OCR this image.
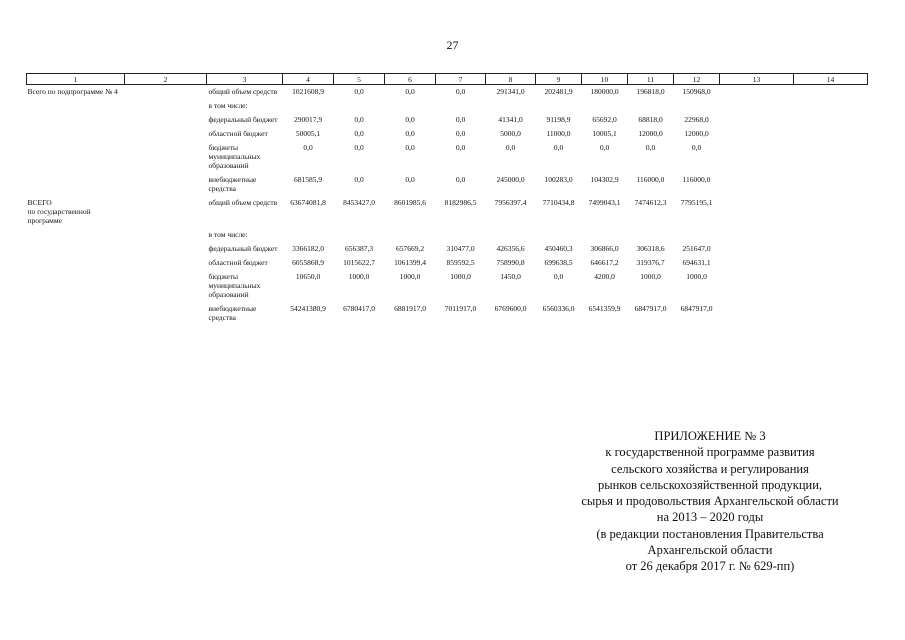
27
1	2	3	4	5	6	7	8	9	10	11	12	13	14
Всего по подпрограмме № 4		общий объем средств	1021608,9	0,0	0,0	0,0	291341,0	202481,9	180000,0	196818,0	150968,0		
		в том числе:											
		федеральный бюджет	290017,9	0,0	0,0	0,0	41341,0	91198,9	65692,0	68818,0	22968,0		
		областной бюджет	50005,1	0,0	0,0	0,0	5000,0	11000,0	10005,1	12000,0	12000,0		
		бюджеты муниципальных образований	0,0	0,0	0,0	0,0	0,0	0,0	0,0	0,0	0,0		
		внебюджетные средства	681585,9	0,0	0,0	0,0	245000,0	100283,0	104302,9	116000,0	116000,0		
ВСЕГО
по государственной программе		общий объем средств	63674081,8	8453427,0	8601985,6	8182986,5	7956397,4	7710434,8	7499043,1	7474612,3	7795195,1		
		в том числе:											
		федеральный бюджет	3366182,0	656387,3	657669,2	310477,0	426356,6	450460,3	306866,0	306318,6	251647,0		
		областной бюджет	6055868,9	1015622,7	1061399,4	859592,5	758990,8	699638,5	646617,2	319376,7	694631,1		
		бюджеты муниципальных образований	10650,0	1000,0	1000,0	1000,0	1450,0	0,0	4200,0	1000,0	1000,0		
		внебюджетные средства	54241380,9	6780417,0	6881917,0	7011917,0	6769600,0	6560336,0	6541359,9	6847917,0	6847917,0		
ПРИЛОЖЕНИЕ № 3
к государственной программе развития
сельского хозяйства и регулирования
рынков сельскохозяйственной продукции,
сырья и продовольствия Архангельской области
на 2013 – 2020 годы
(в редакции постановления Правительства
Архангельской области
от 26 декабря 2017 г. № 629-пп)
